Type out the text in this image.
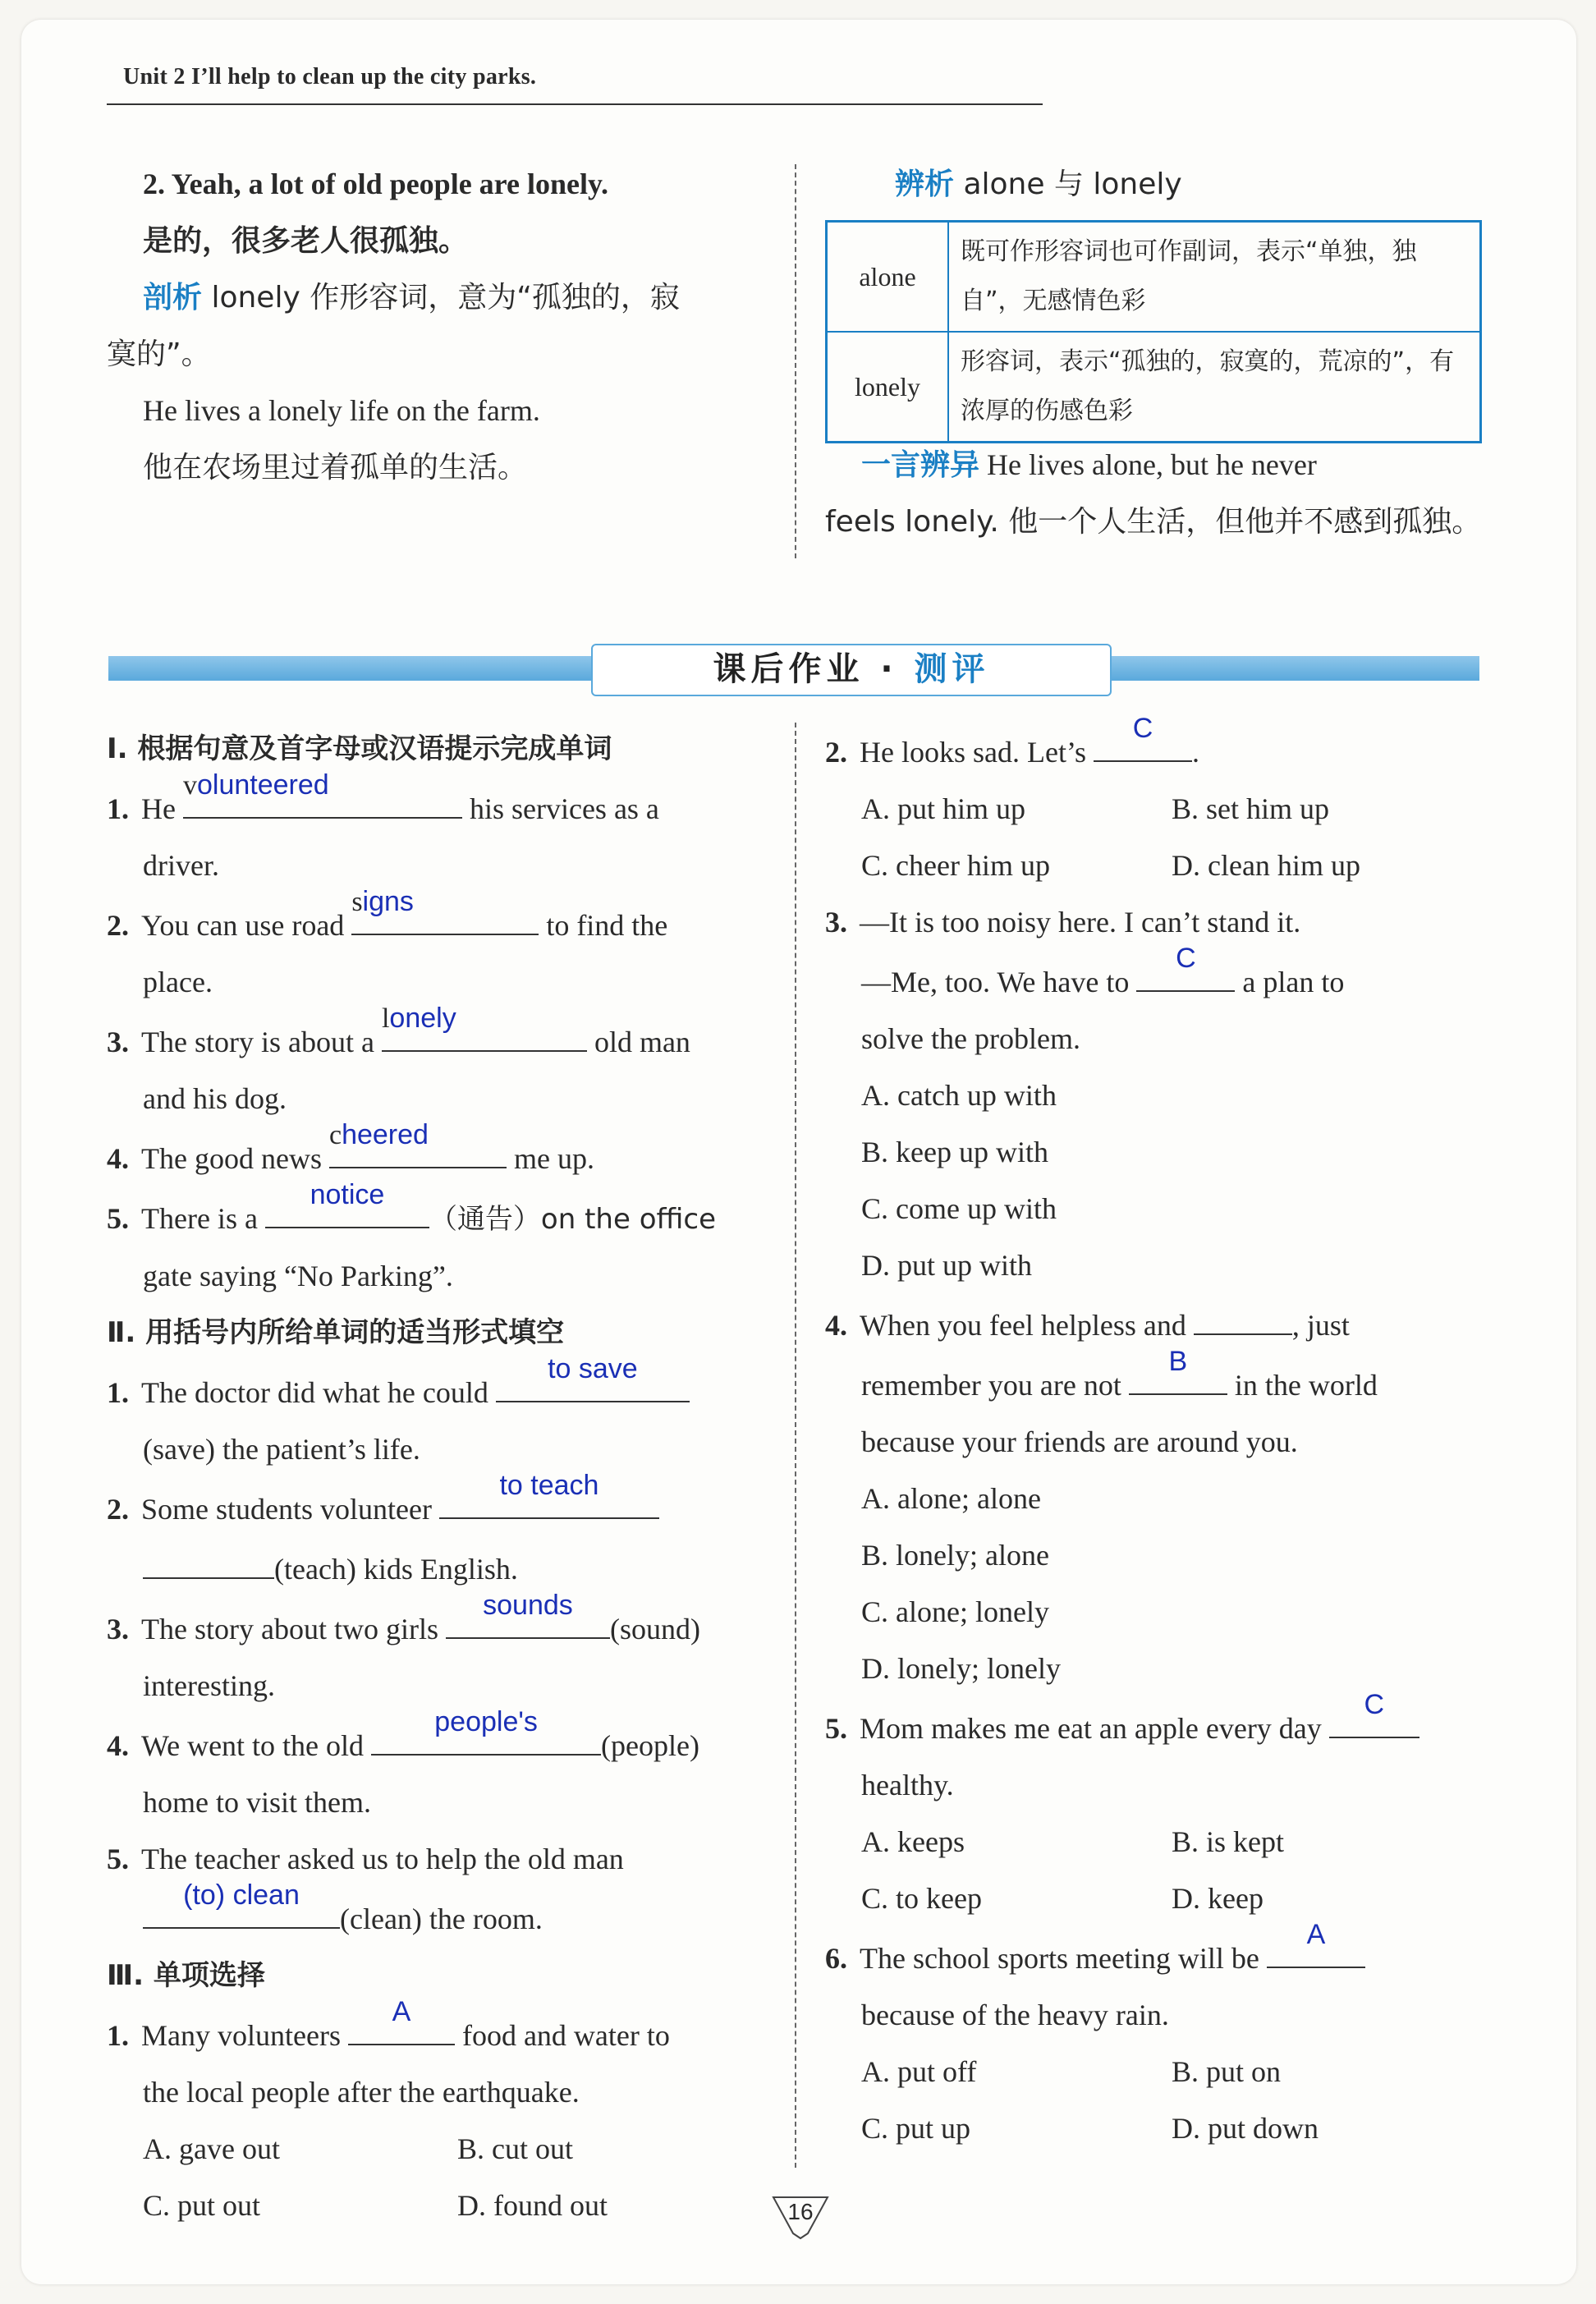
Unit 2 I’ll help to clean up the city parks.

2. Yeah, a lot of old people are lonely.

是的，很多老人很孤独。

剖析 lonely 作形容词，意为“孤独的，寂

寞的”。

He lives a lonely life on the farm.

他在农场里过着孤单的生活。

辨析 alone 与 lonely

alone	既可作形容词也可作副词，表示“单独，独自”，无感情色彩
lonely	形容词，表示“孤独的，寂寞的，荒凉的”，有浓厚的伤感色彩

一言辨异 He lives alone, but he never

feels lonely. 他一个人生活，但他并不感到孤独。

课后作业 · 测评

Ⅰ. 根据句意及首字母或汉语提示完成单词

1. He
volunteered
his services as a

driver.

2. You can use road
signs
to find the

place.

3. The story is about a
lonely
old man

and his dog.

4. The good news
cheered
me up.

5. There is a
notice
（通告）on the office

gate saying “No Parking”.

Ⅱ. 用括号内所给单词的适当形式填空

1. The doctor did what he could
to save

(save) the patient’s life.

2. Some students volunteer
to teach

(teach) kids English.

3. The story about two girls
sounds
(sound)

interesting.

4. We went to the old
people's
(people)

home to visit them.

5. The teacher asked us to help the old man

(to) clean
(clean) the room.

Ⅲ. 单项选择

1. Many volunteers
A
food and water to

the local people after the earthquake.

A. gave out	B. cut out
C. put out	D. found out

2. He looks sad. Let’s
C
.

A. put him up	B. set him up
C. cheer him up	D. clean him up

3. —It is too noisy here. I can’t stand it.

—Me, too. We have to
C
a plan to

solve the problem.

A. catch up with
B. keep up with
C. come up with
D. put up with

4. When you feel helpless and	, just

remember you are not
B
in the world

because your friends are around you.

A. alone; alone
B. lonely; alone
C. alone; lonely
D. lonely; lonely

5. Mom makes me eat an apple every day
C

healthy.

A. keeps	B. is kept
C. to keep	D. keep

6. The school sports meeting will be
A

because of the heavy rain.

A. put off	B. put on
C. put up	D. put down
16
